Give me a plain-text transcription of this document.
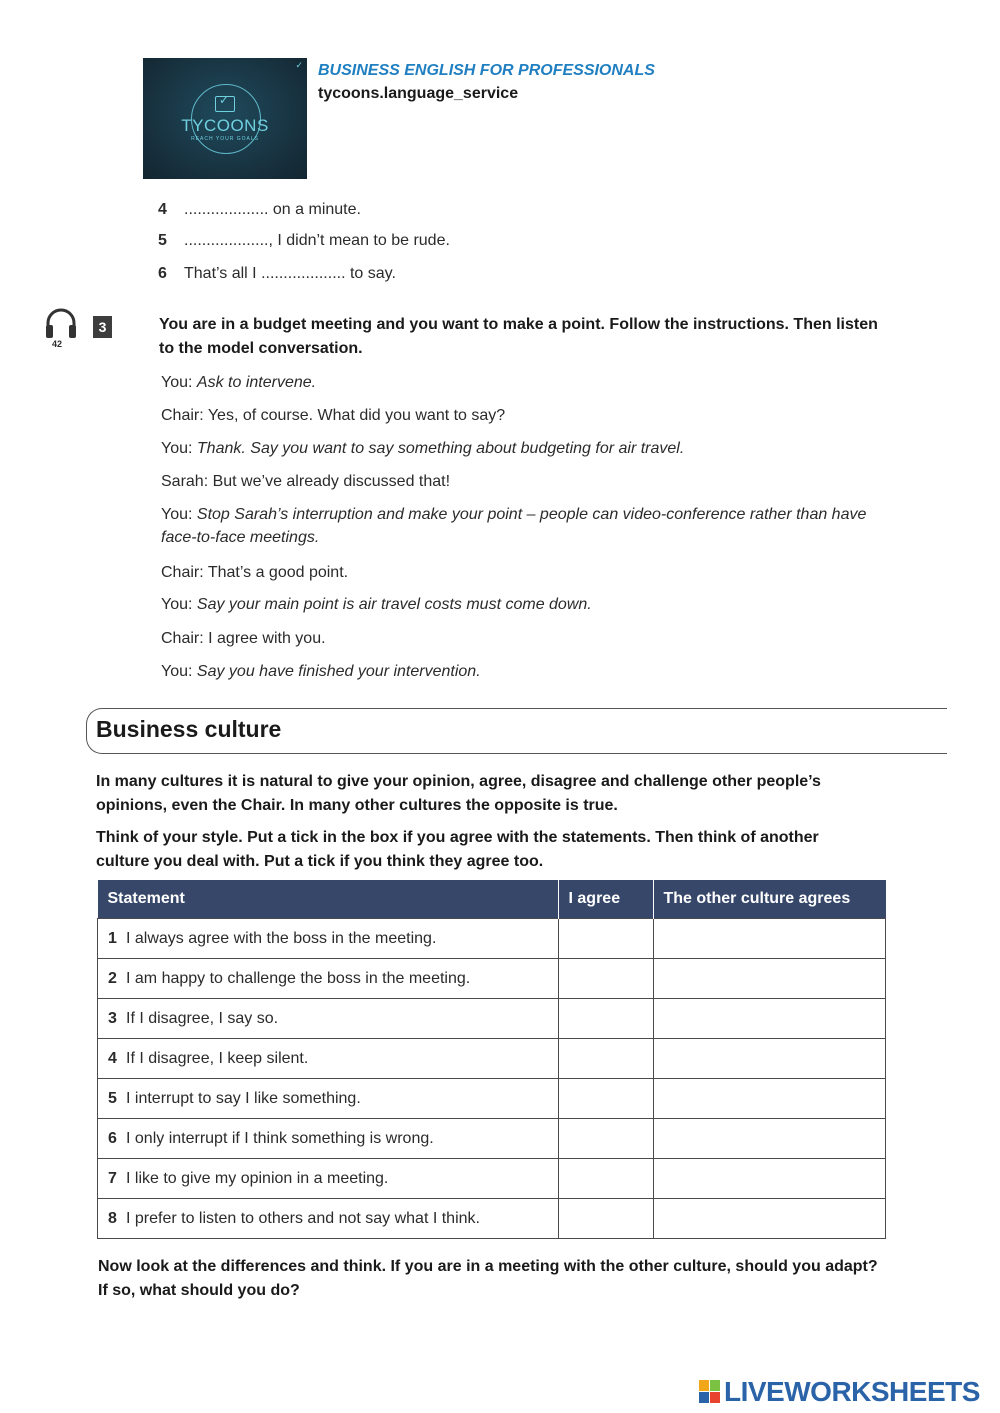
✓
TYCOONS
REACH YOUR GOALS
✓ BUSINESS ENGLISH FOR PROFESSIONALS
tycoons.language_service
4 ................... on a minute.
5 ..................., I didn’t mean to be rude.
6 That’s all I ................... to say.
42
3	You are in a budget meeting and you want to make a point. Follow the instructions. Then listen to the model conversation.
You: Ask to intervene.
Chair: Yes, of course. What did you want to say?
You: Thank. Say you want to say something about budgeting for air travel.
Sarah: But we’ve already discussed that!
You: Stop Sarah’s interruption and make your point – people can video-conference rather than have face-to-face meetings.
Chair: That’s a good point.
You: Say your main point is air travel costs must come down.
Chair: I agree with you.
You: Say you have finished your intervention.
Business culture
In many cultures it is natural to give your opinion, agree, disagree and challenge other people’s opinions, even the Chair. In many other cultures the opposite is true.
Think of your style. Put a tick in the box if you agree with the statements. Then think of another culture you deal with. Put a tick if you think they agree too.
Statement	I agree	The other culture agrees
1 I always agree with the boss in the meeting.		
2 I am happy to challenge the boss in the meeting.		
3 If I disagree, I say so.		
4 If I disagree, I keep silent.		
5 I interrupt to say I like something.		
6 I only interrupt if I think something is wrong.		
7 I like to give my opinion in a meeting.		
8 I prefer to listen to others and not say what I think.		
Now look at the differences and think. If you are in a meeting with the other culture, should you adapt? If so, what should you do?
LIVEWORKSHEETS
